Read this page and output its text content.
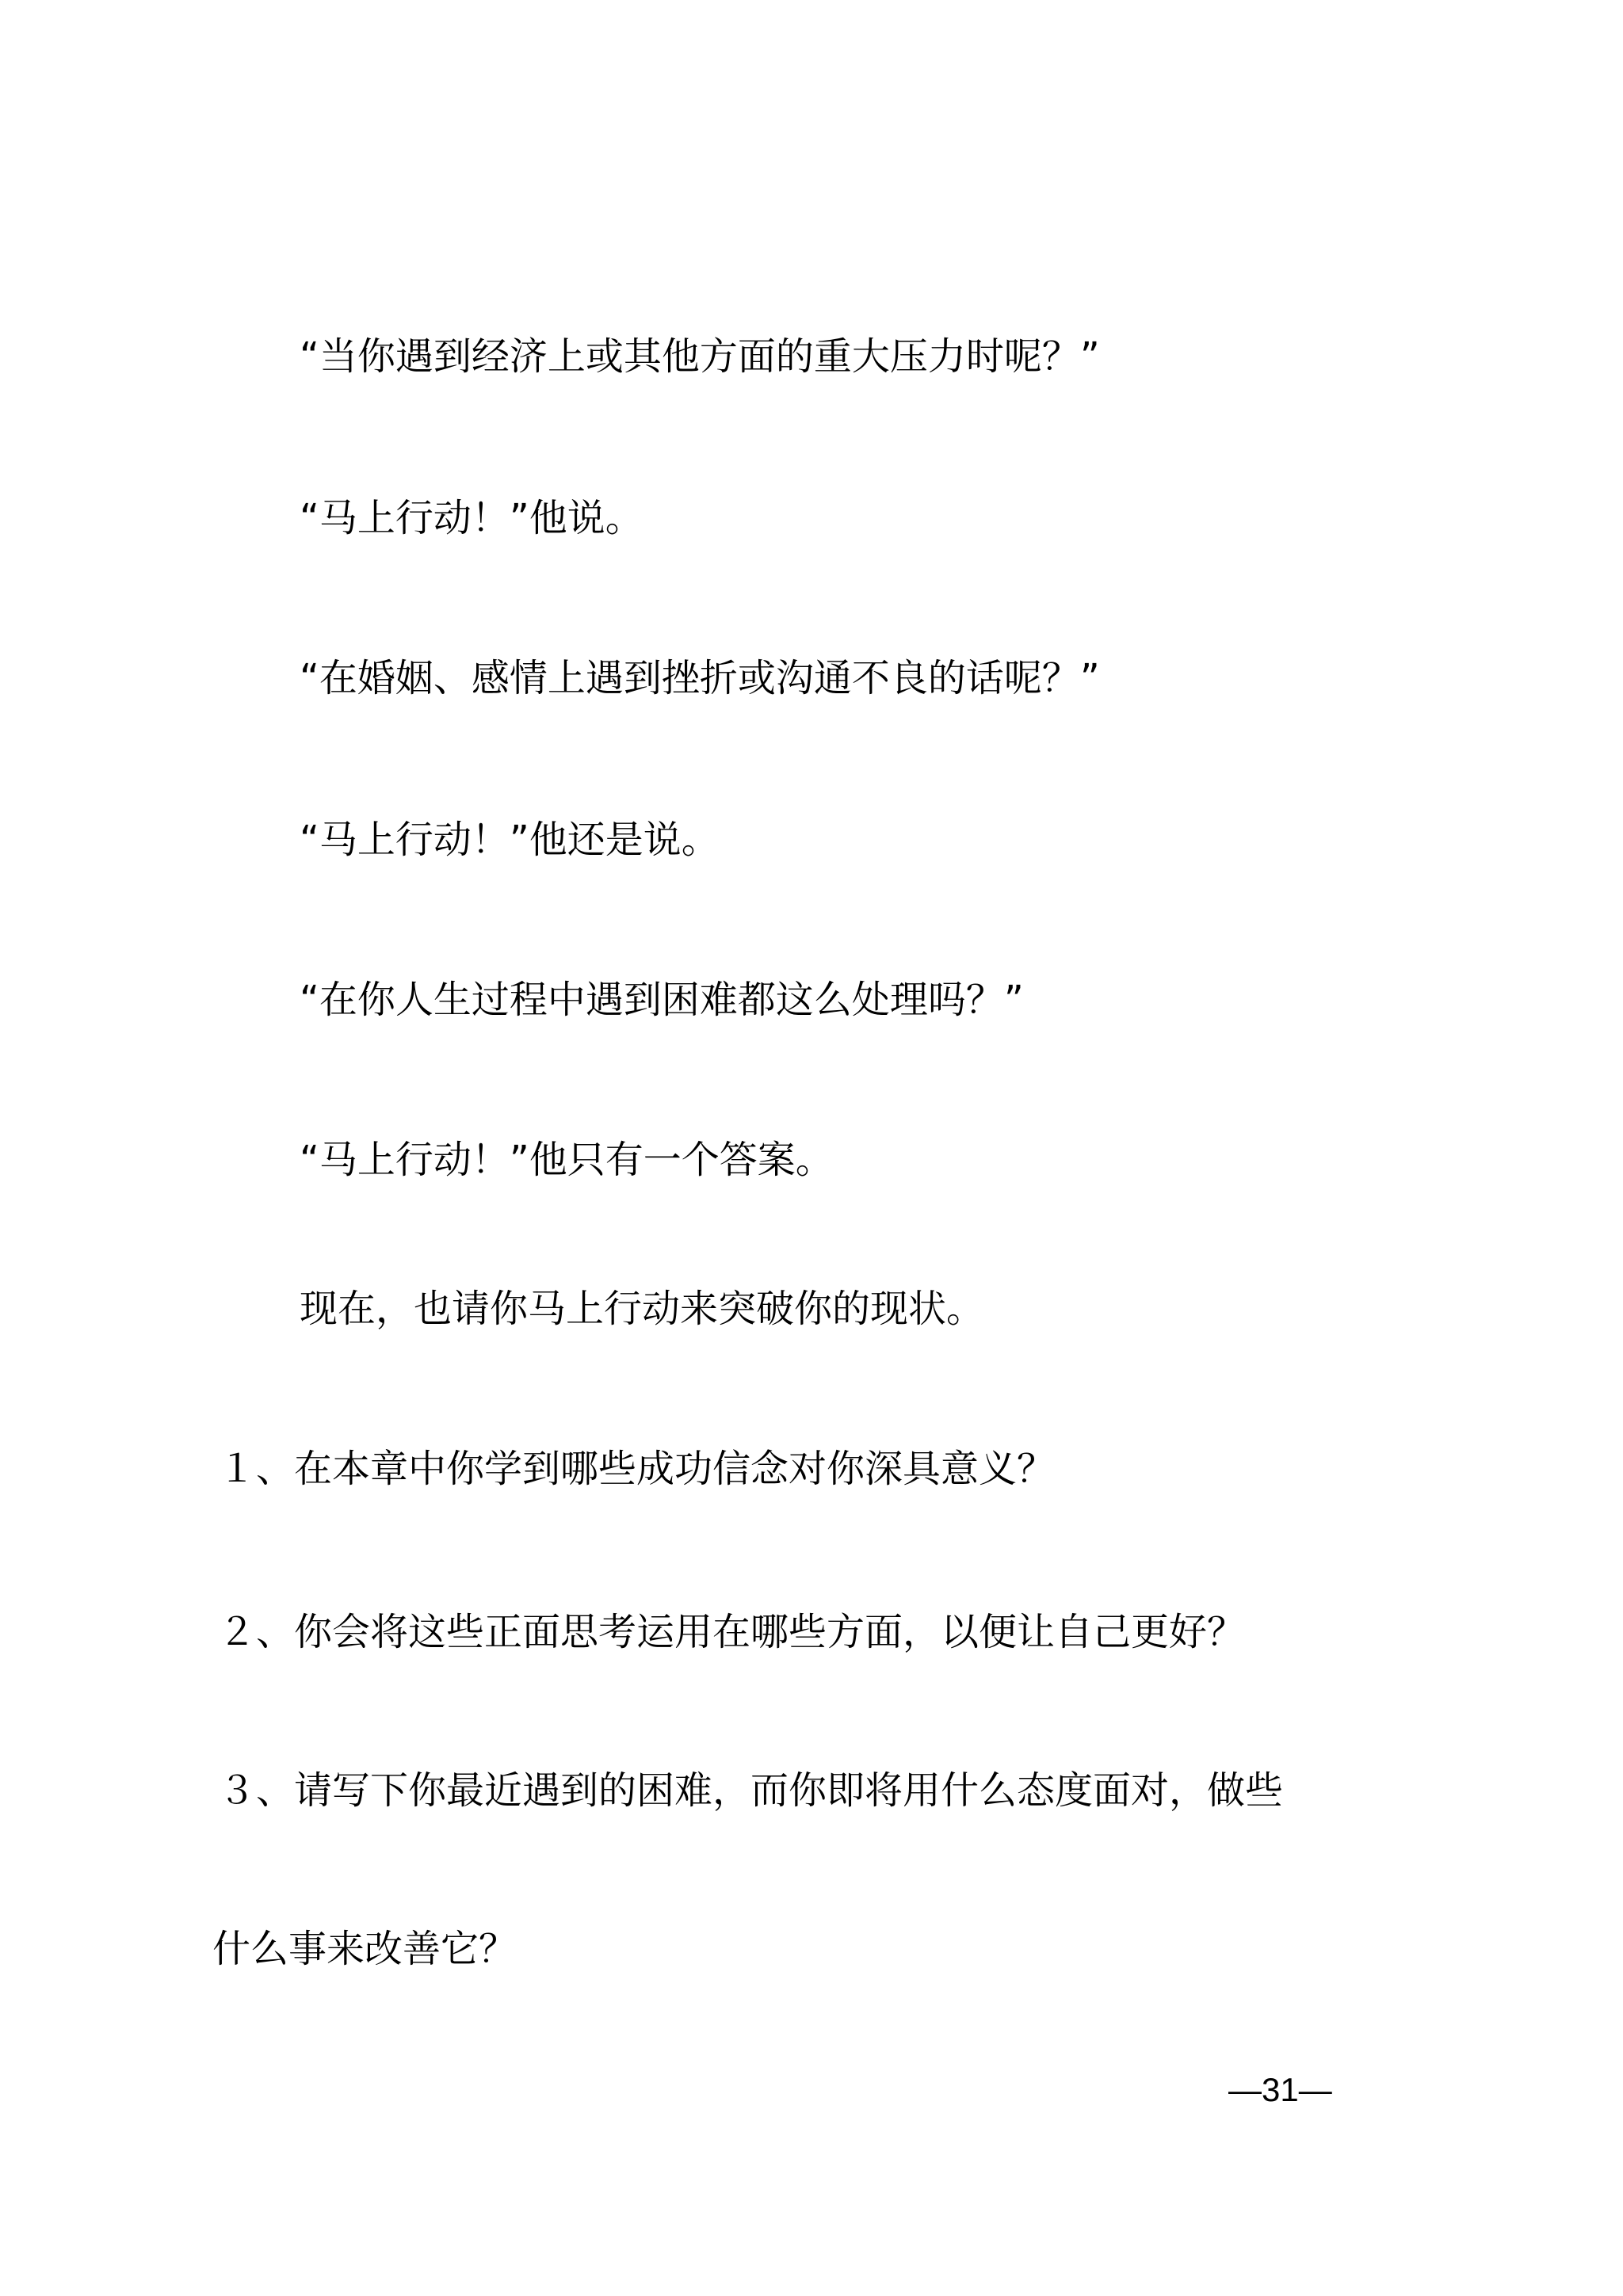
“当你遇到经济上或其他方面的重大压力时呢？”
“马上行动！”他说。
“在婚姻、感情上遇到挫折或沟通不良的话呢？”
“马上行动！”他还是说。
“在你人生过程中遇到困难都这么处理吗？”
“马上行动！”他只有一个答案。
现在，也请你马上行动来突破你的现状。
１、在本章中你学到哪些成功信念对你深具意义？
２、你会将这些正面思考运用在哪些方面，以便让自己更好？
３、请写下你最近遇到的困难，而你即将用什么态度面对，做些
什么事来改善它？
—31—
